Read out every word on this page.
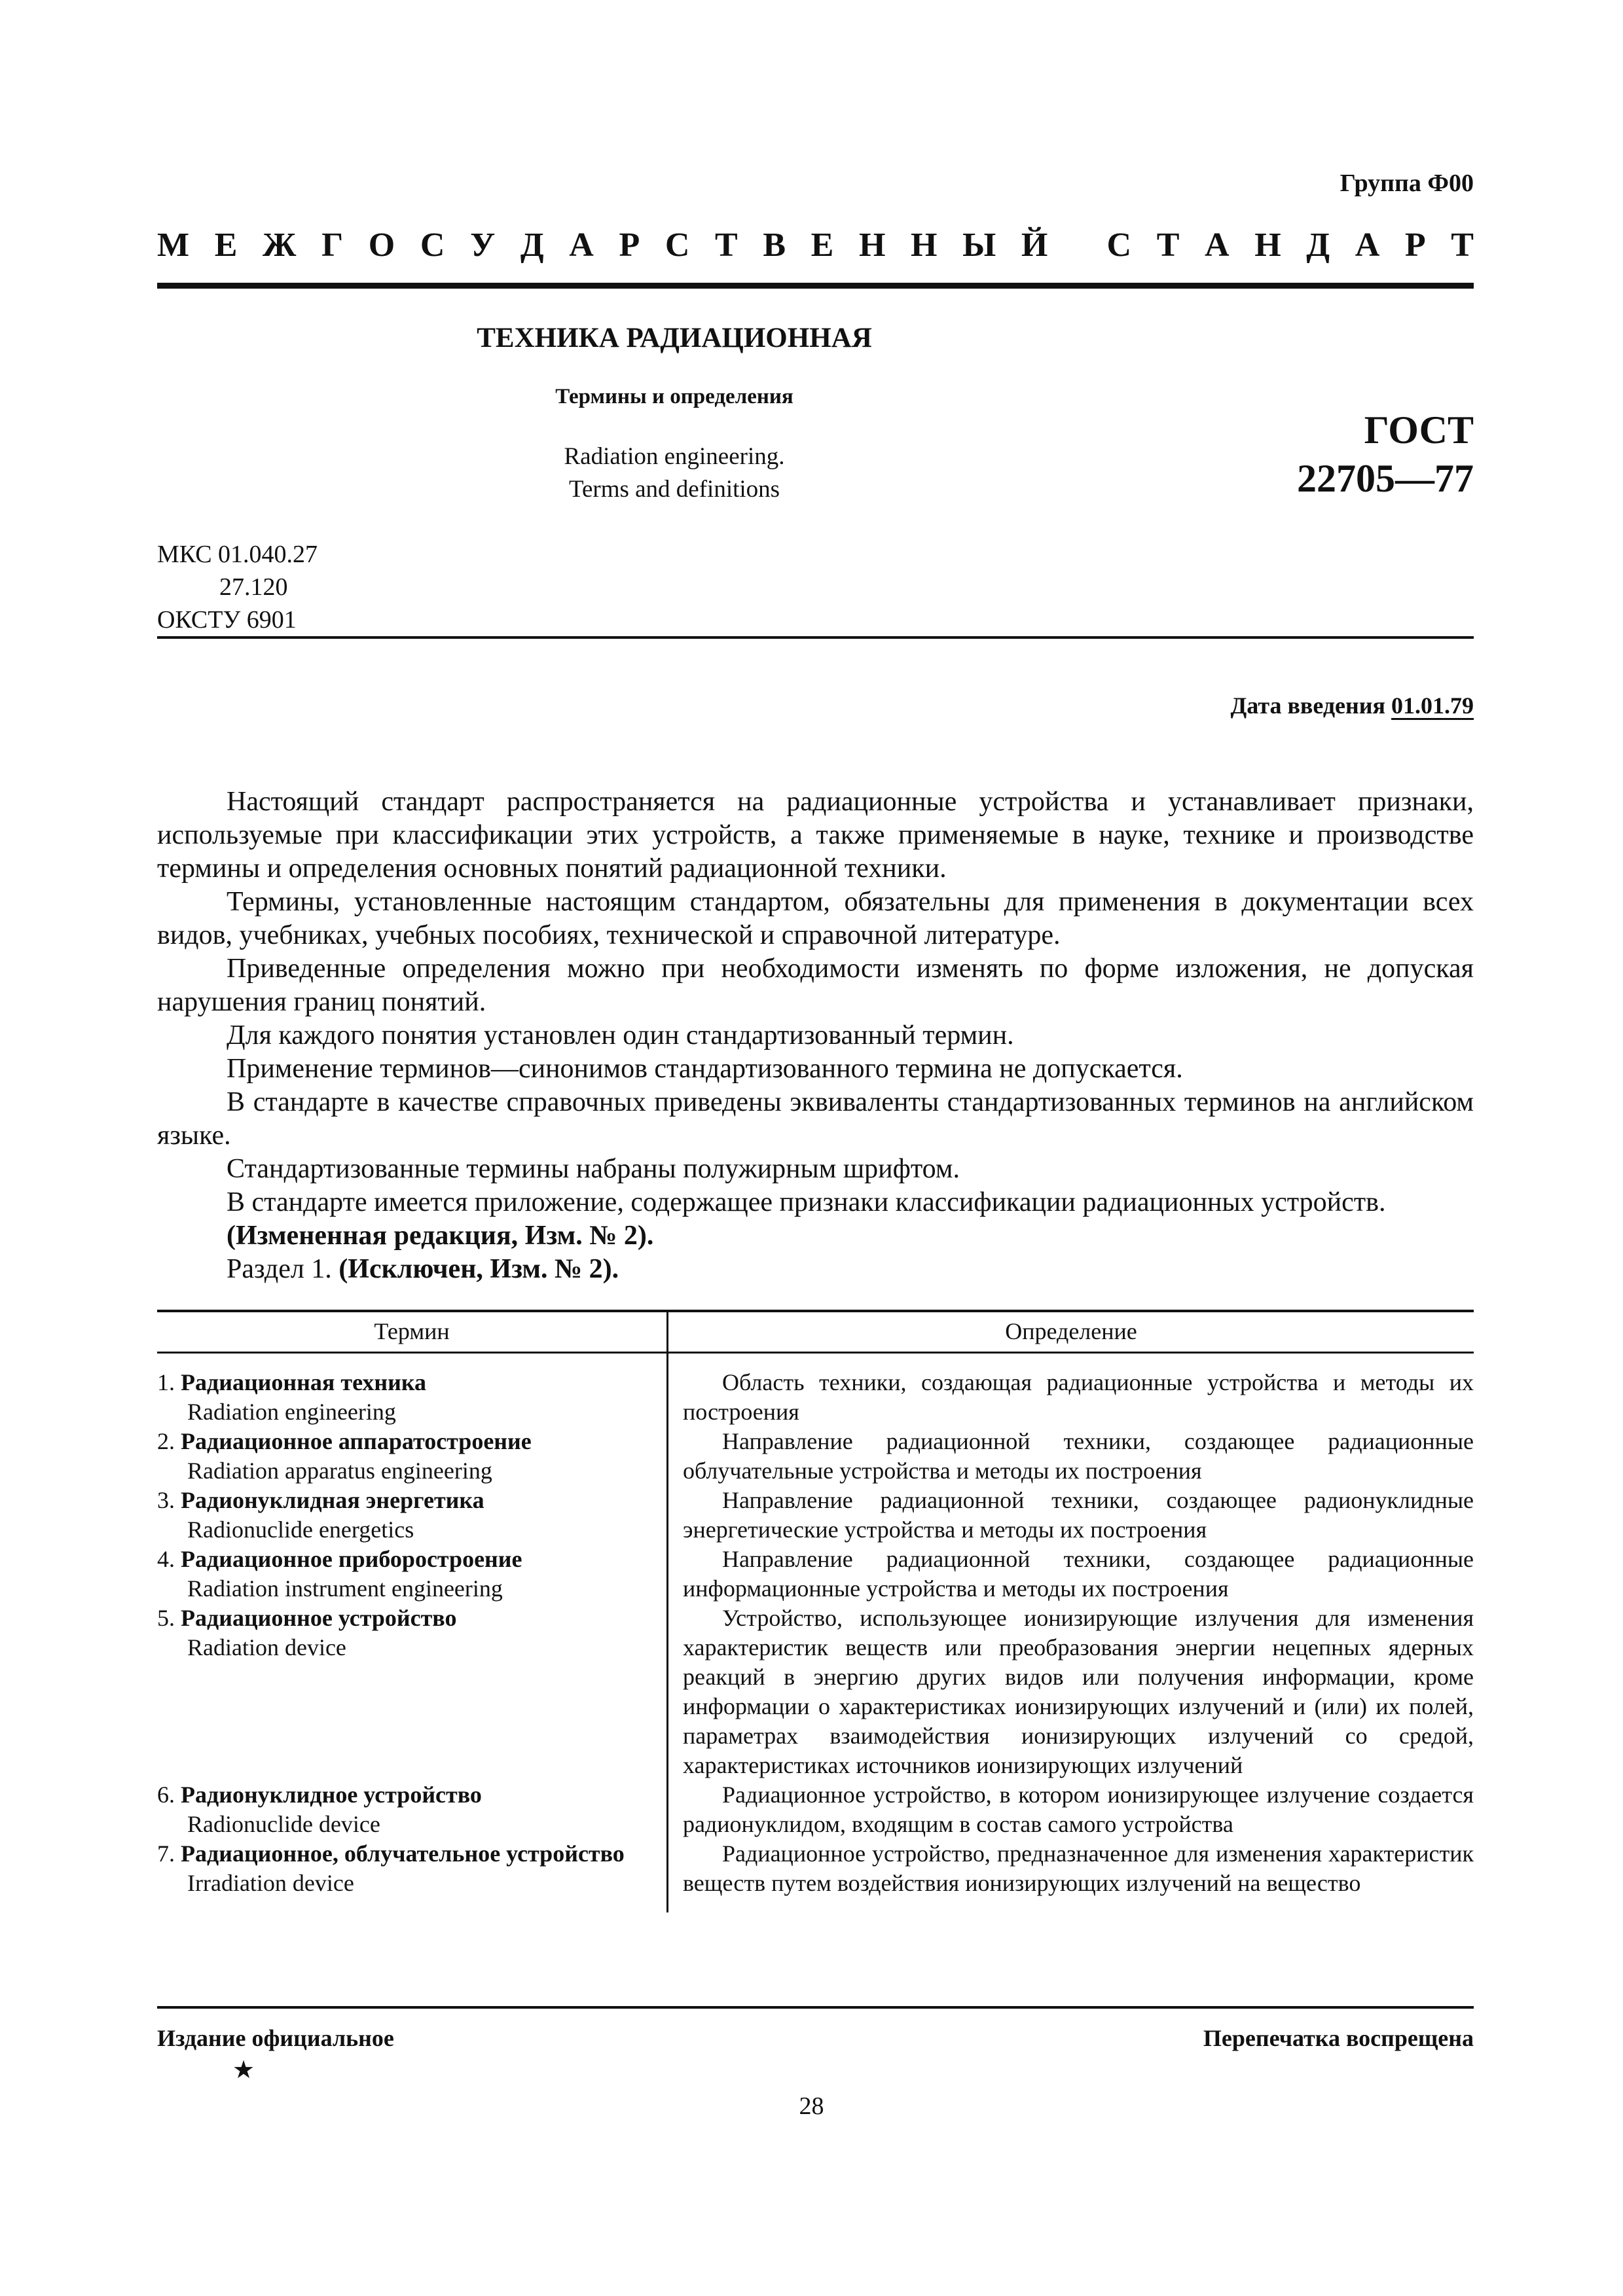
Группа Ф00
М Е Ж Г О С У Д А Р С Т В Е Н Н Ы Й
С Т А Н Д А Р Т
ТЕХНИКА РАДИАЦИОННАЯ
Термины и определения
Radiation engineering.
Terms and definitions
ГОСТ
22705—77
МКС 01.040.27
27.120
ОКСТУ 6901
Дата введения 01.01.79

Настоящий стандарт распространяется на радиационные устройства и устанавливает признаки, используемые при классификации этих устройств, а также применяемые в науке, технике и производстве термины и определения основных понятий радиационной техники.

Термины, установленные настоящим стандартом, обязательны для применения в документации всех видов, учебниках, учебных пособиях, технической и справочной литературе.

Приведенные определения можно при необходимости изменять по форме изложения, не допуская нарушения границ понятий.

Для каждого понятия установлен один стандартизованный термин.

Применение терминов—синонимов стандартизованного термина не допускается.

В стандарте в качестве справочных приведены эквиваленты стандартизованных терминов на английском языке.

Стандартизованные термины набраны полужирным шрифтом.

В стандарте имеется приложение, содержащее признаки классификации радиационных устройств.

(Измененная редакция, Изм. № 2).

Раздел 1. (Исключен, Изм. № 2).

Термин	Определение

1. Радиационная техника
Radiation engineering	Область техники, создающая радиационные устройства и методы их построения

2. Радиационное аппаратостроение
Radiation apparatus engineering	Направление радиационной техники, создающее радиационные облучательные устройства и методы их построения

3. Радионуклидная энергетика
Radionuclide energetics	Направление радиационной техники, создающее радионуклидные энергетические устройства и методы их построения

4. Радиационное приборостроение
Radiation instrument engineering	Направление радиационной техники, создающее радиационные информационные устройства и методы их построения

5. Радиационное устройство
Radiation device	Устройство, использующее ионизирующие излучения для изменения характеристик веществ или преобразования энергии нецепных ядерных реакций в энергию других видов или получения информации, кроме информации о характеристиках ионизирующих излучений и (или) их полей, параметрах взаимодействия ионизирующих излучений со средой, характеристиках источников ионизирующих излучений

6. Радионуклидное устройство
Radionuclide device	Радиационное устройство, в котором ионизирующее излучение создается радионуклидом, входящим в состав самого устройства

7. Радиационное, облучательное устройство
Irradiation device	Радиационное устройство, предназначенное для изменения характеристик веществ путем воздействия ионизирующих излучений на вещество
Издание официальное
★
Перепечатка воспрещена
28
